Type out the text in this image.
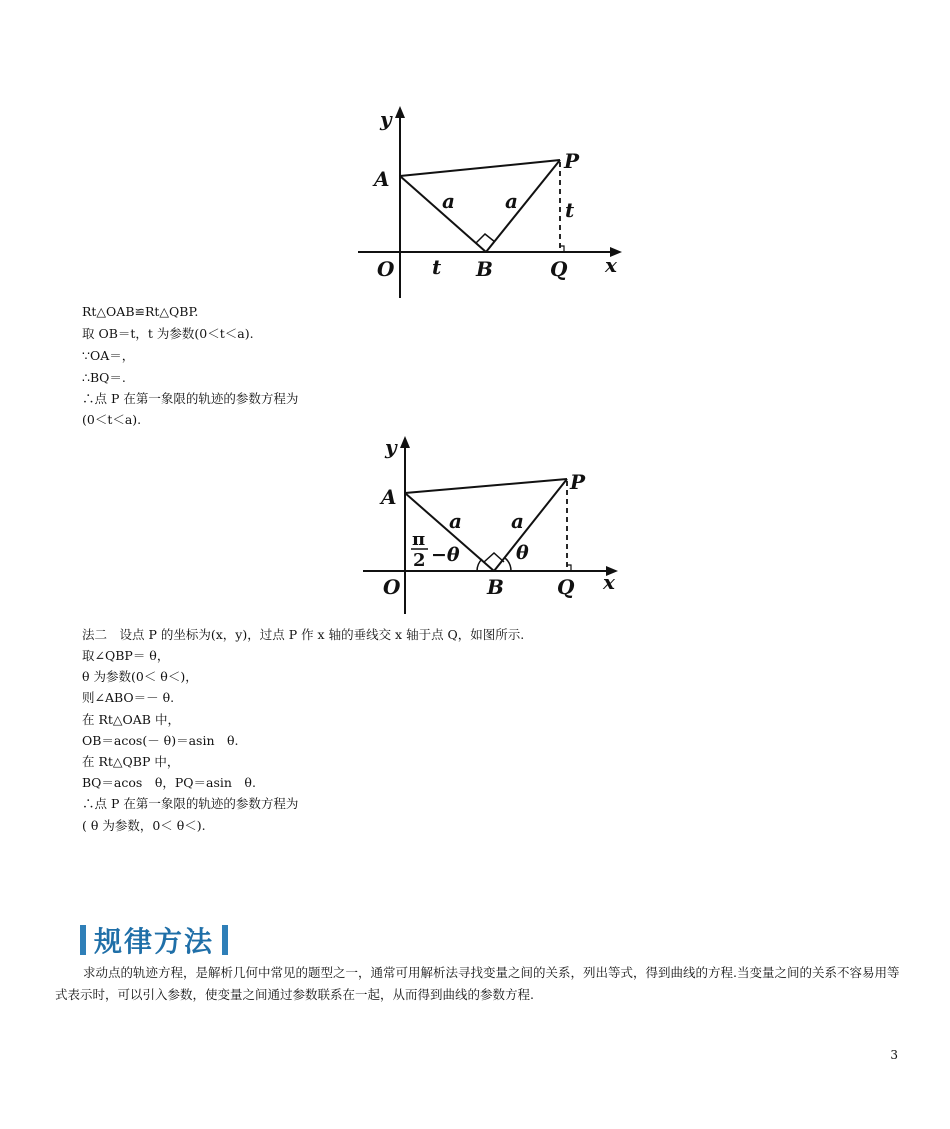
y
A
P
a	a t
O t B	Q x
Rt△OAB≌Rt△QBP.
取 OB＝t，t 为参数(0＜t＜a).
∵OA＝，
∴BQ＝.
∴点 P 在第一象限的轨迹的参数方程为
(0＜t＜a).
y
A
P
a a
π
2 −θ	θ
O	B	Q x
法二　设点 P 的坐标为(x，y)，过点 P 作 x 轴的垂线交 x 轴于点 Q，如图所示.
取∠QBP＝ θ，
θ 为参数(0＜ θ＜)，
则∠ABO＝－ θ.
在 Rt△OAB 中，
OB＝acos(－ θ)＝asin　θ.
在 Rt△QBP 中，
BQ＝acos　θ，PQ＝asin　θ.
∴点 P 在第一象限的轨迹的参数方程为
( θ 为参数，0＜ θ＜).
规律方法
求动点的轨迹方程，是解析几何中常见的题型之一，通常可用解析法寻找变量之间的关系，列出等式，得到曲线的方程.当变量之间的关系不容易用等式表示时，可以引入参数，使变量之间通过参数联系在一起，从而得到曲线的参数方程.
3
